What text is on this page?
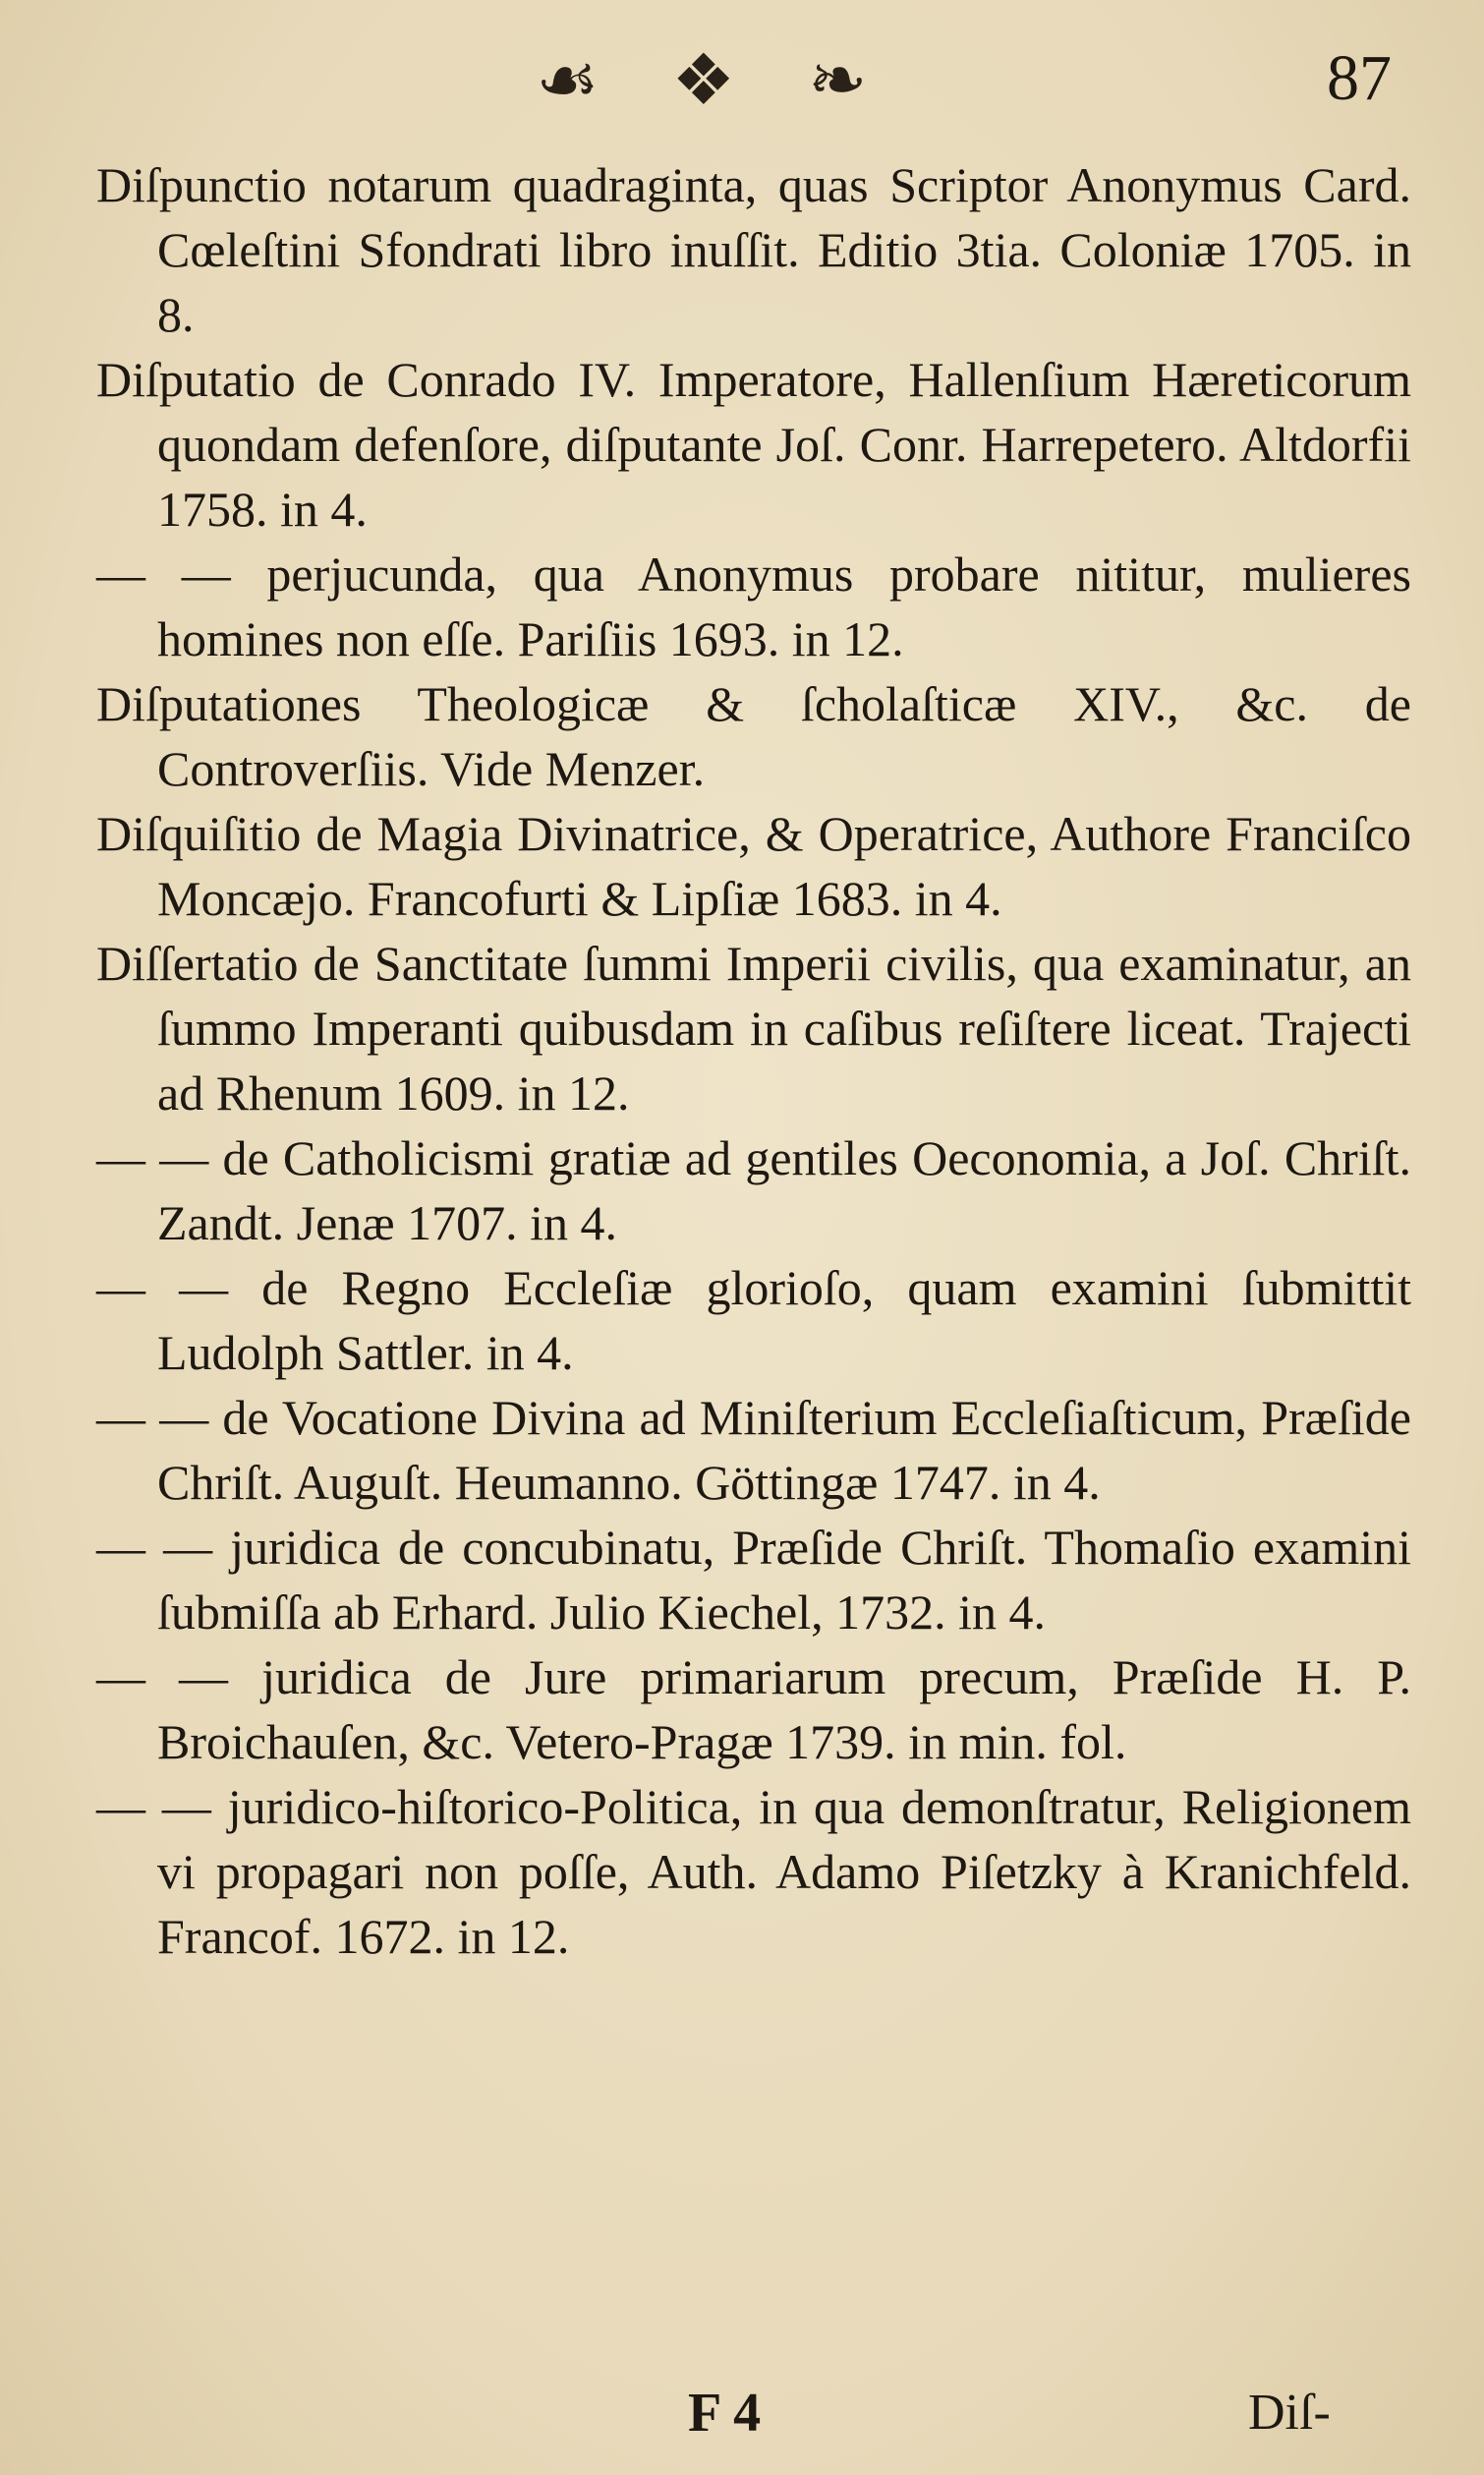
☙ ❖ ❧	87

Diſpunctio notarum quadraginta, quas Scriptor Anonymus Card. Cœleſtini Sfondrati libro inuſſit. Editio 3tia. Coloniæ 1705. in 8.

Diſputatio de Conrado IV. Imperatore, Hallenſium Hæreticorum quondam defenſore, diſputante Joſ. Conr. Harrepetero. Altdorfii 1758. in 4.

— — perjucunda, qua Anonymus probare nititur, mulieres homines non eſſe. Pariſiis 1693. in 12.

Diſputationes Theologicæ & ſcholaſticæ XIV., &c. de Controverſiis. Vide Menzer.

Diſquiſitio de Magia Divinatrice, & Operatrice, Authore Franciſco Moncæjo. Francofurti & Lipſiæ 1683. in 4.

Diſſertatio de Sanctitate ſummi Imperii civilis, qua examinatur, an ſummo Imperanti quibusdam in caſibus reſiſtere liceat. Trajecti ad Rhenum 1609. in 12.

— — de Catholicismi gratiæ ad gentiles Oeconomia, a Joſ. Chriſt. Zandt. Jenæ 1707. in 4.

— — de Regno Eccleſiæ glorioſo, quam examini ſubmittit Ludolph Sattler. in 4.

— — de Vocatione Divina ad Miniſterium Eccleſiaſticum, Præſide Chriſt. Auguſt. Heumanno. Göttingæ 1747. in 4.

— — juridica de concubinatu, Præſide Chriſt. Thomaſio examini ſubmiſſa ab Erhard. Julio Kiechel, 1732. in 4.

— — juridica de Jure primariarum precum, Præſide H. P. Broichauſen, &c. Vetero-Pragæ 1739. in min. fol.

— — juridico-hiſtorico-Politica, in qua demonſtratur, Religionem vi propagari non poſſe, Auth. Adamo Piſetzky à Kranichfeld. Francof. 1672. in 12.

F 4	Diſ-
